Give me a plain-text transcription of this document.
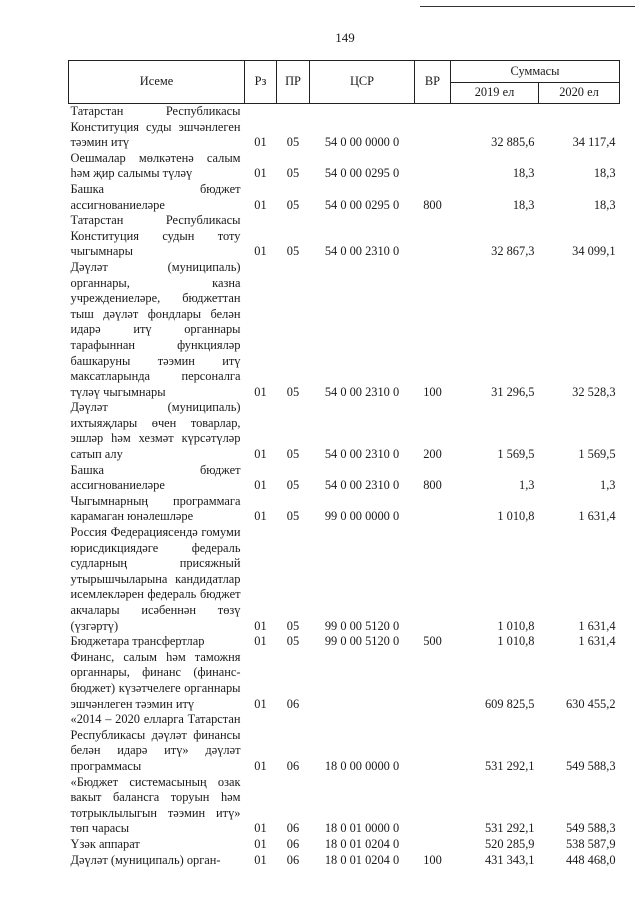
149
Исеме	Рз	ПР	ЦСР	ВР	Суммасы	
					2019 ел	2020 ел
Татарстан Республикасы Конституция суды эшчәнлеген тәэмин итү	01	05	54 0 00 0000 0		32 885,6	34 117,4
Оешмалар мөлкәтенә салым һәм җир салымы түләү	01	05	54 0 00 0295 0		18,3	18,3
Башка бюджет ассигнованиеләре	01	05	54 0 00 0295 0	800	18,3	18,3
Татарстан Республикасы Конституция судын тоту чыгымнары	01	05	54 0 00 2310 0		32 867,3	34 099,1
Дәүләт (муниципаль) органнары, казна учреждениеләре, бюджеттан тыш дәүләт фондлары белән идарә итү органнары тарафыннан функцияләр башкаруны тәэмин итү максатларында персоналга түләү чыгымнары	01	05	54 0 00 2310 0	100	31 296,5	32 528,3
Дәүләт (муниципаль) ихтыяҗлары өчен товарлар, эшләр һәм хезмәт күрсәтүләр сатып алу	01	05	54 0 00 2310 0	200	1 569,5	1 569,5
Башка бюджет ассигнованиеләре	01	05	54 0 00 2310 0	800	1,3	1,3
Чыгымнарның программага карамаган юнәлешләре	01	05	99 0 00 0000 0		1 010,8	1 631,4
Россия Федерациясендә гомуми юрисдикциядәге федераль судларның присяжный утырышчыларына кандидатлар исемлекләрен федераль бюджет акчалары исәбеннән төзү (үзгәртү)	01	05	99 0 00 5120 0		1 010,8	1 631,4
Бюджетара трансфертлар	01	05	99 0 00 5120 0	500	1 010,8	1 631,4
Финанс, салым һәм таможня органнары, финанс (финанс-бюджет) күзәтчелеге органнары эшчәнлеген тәэмин итү	01	06			609 825,5	630 455,2
«2014 – 2020 елларга Татарстан Республикасы дәүләт финансы белән идарә итү» дәүләт программасы	01	06	18 0 00 0000 0		531 292,1	549 588,3
«Бюджет системасының озак вакыт балансга торуын һәм тотрыклылыгын тәэмин итү» төп чарасы	01	06	18 0 01 0000 0		531 292,1	549 588,3
Үзәк аппарат	01	06	18 0 01 0204 0		520 285,9	538 587,9
Дәүләт (муниципаль) орган-	01	06	18 0 01 0204 0	100	431 343,1	448 468,0
